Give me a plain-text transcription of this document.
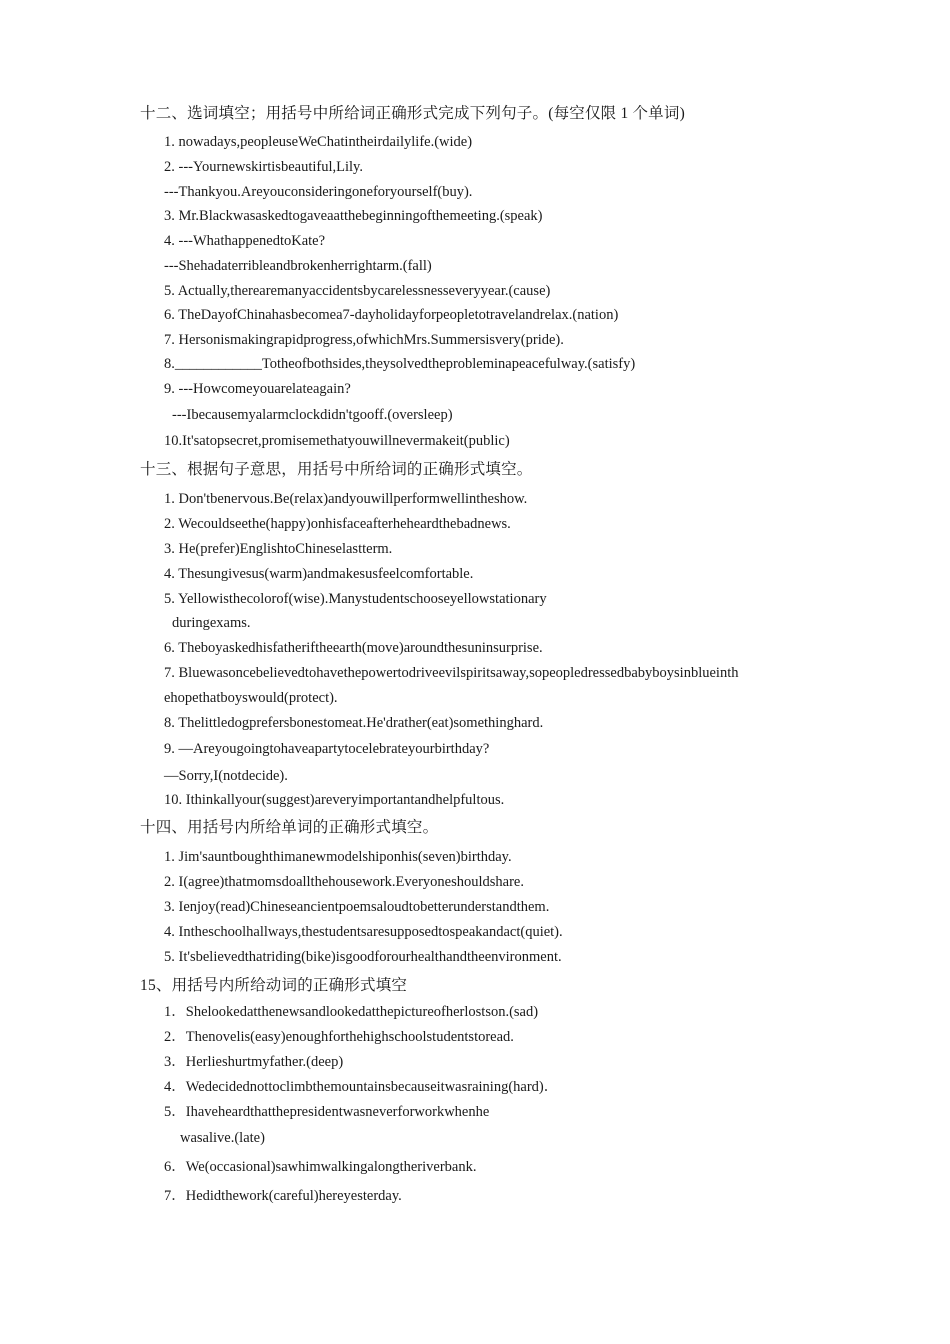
十二、选词填空；用括号中所给词正确形式完成下列句子。(每空仅限 1 个单词)
1. nowadays,peopleuseWeChatintheirdailylife.(wide)
2. ---Yournewskirtisbeautiful,Lily.
---Thankyou.Areyouconsideringoneforyourself(buy).
3. Mr.Blackwasaskedtogaveaatthebeginningofthemeeting.(speak)
4. ---WhathappenedtoKate?
---Shehadaterribleandbrokenherrightarm.(fall)
5. Actually,therearemanyaccidentsbycarelessnesseveryyear.(cause)
6. TheDayofChinahasbecomea7-dayholidayforpeopletotravelandrelax.(nation)
7. Hersonismakingrapidprogress,ofwhichMrs.Summersisvery(pride).
8.____________Totheofbothsides,theysolvedtheprobleminapeacefulway.(satisfy)
9. ---Howcomeyouarelateagain?
---Ibecausemyalarmclockdidn'tgooff.(oversleep)
10.It'satopsecret,promisemethatyouwillnevermakeit(public)
十三、根据句子意思，用括号中所给词的正确形式填空。
1. Don'tbenervous.Be(relax)andyouwillperformwellintheshow.
2. Wecouldseethe(happy)onhisfaceafterheheardthebadnews.
3. He(prefer)EnglishtoChineselastterm.
4. Thesungivesus(warm)andmakesusfeelcomfortable.
5. Yellowisthecolorof(wise).Manystudentschooseyellowstationary
duringexams.
6. Theboyaskedhisfatheriftheearth(move)aroundthesuninsurprise.
7. Bluewasoncebelievedtohavethepowertodriveevilspiritsaway,sopeopledressedbabyboysinblueinth
ehopethatboyswould(protect).
8. Thelittledogprefersbonestomeat.He'drather(eat)somethinghard.
9. —Areyougoingtohaveapartytocelebrateyourbirthday?
—Sorry,I(notdecide).
10. Ithinkallyour(suggest)areveryimportantandhelpfultous.
十四、用括号内所给单词的正确形式填空。
1. Jim'sauntboughthimanewmodelshiponhis(seven)birthday.
2. I(agree)thatmomsdoallthehousework.Everyoneshouldshare.
3. Ienjoy(read)Chineseancientpoemsaloudtobetterunderstandthem.
4. Intheschoolhallways,thestudentsaresupposedtospeakandact(quiet).
5. It'sbelievedthatriding(bike)isgoodforourhealthandtheenvironment.
15、用括号内所给动词的正确形式填空
1．Shelookedatthenewsandlookedatthepictureofherlostson.(sad)
2．Thenovelis(easy)enoughforthehighschoolstudentstoread.
3．Herlieshurtmyfather.(deep)
4．Wedecidednottoclimbthemountainsbecauseitwasraining(hard)．
5．Ihaveheardthatthepresidentwasneverforworkwhenhe
wasalive.(late)
6．We(occasional)sawhimwalkingalongtheriverbank.
7．Hedidthework(careful)hereyesterday.
